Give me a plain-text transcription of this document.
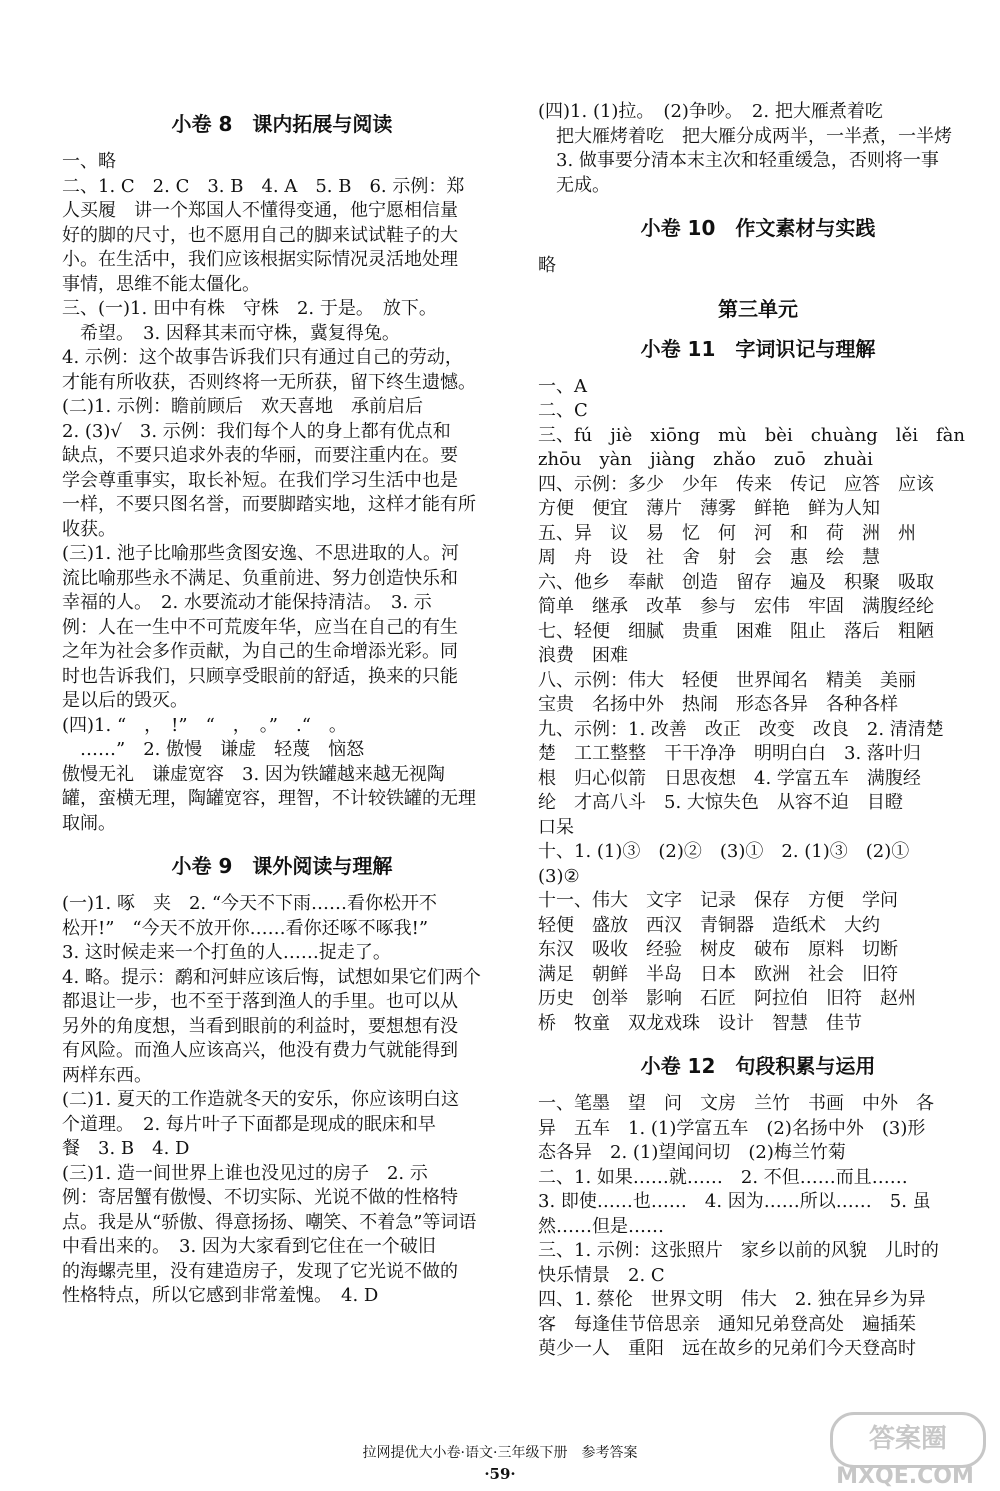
小卷 8　课内拓展与阅读
一、略
二、1. C　2. C　3. B　4. A　5. B　6. 示例：郑
人买履　讲一个郑国人不懂得变通，他宁愿相信量
好的脚的尺寸，也不愿用自己的脚来试试鞋子的大
小。在生活中，我们应该根据实际情况灵活地处理
事情，思维不能太僵化。
三、(一)1. 田中有株　守株　2. 于是。　放下。
　希望。　3. 因释其耒而守株，冀复得兔。
4. 示例：这个故事告诉我们只有通过自己的劳动，
才能有所收获，否则终将一无所获，留下终生遗憾。
(二)1. 示例：瞻前顾后　欢天喜地　承前启后
2. (3)√　3. 示例：我们每个人的身上都有优点和
缺点，不要只追求外表的华丽，而要注重内在。要
学会尊重事实，取长补短。在我们学习生活中也是
一样，不要只图名誉，而要脚踏实地，这样才能有所
收获。
(三)1. 池子比喻那些贪图安逸、不思进取的人。河
流比喻那些永不满足、负重前进、努力创造快乐和
幸福的人。　2. 水要流动才能保持清洁。　3. 示
例：人在一生中不可荒废年华，应当在自己的有生
之年为社会多作贡献，为自己的生命增添光彩。同
时也告诉我们，只顾享受眼前的舒适，换来的只能
是以后的毁灭。
(四)1. “　，　!”　“　，　。”　.“　。
　……”　2. 傲慢　谦虚　轻蔑　恼怒
傲慢无礼　谦虚宽容　3. 因为铁罐越来越无视陶
罐，蛮横无理，陶罐宽容，理智，不计较铁罐的无理
取闹。
小卷 9　课外阅读与理解
(一)1. 啄　夹　2. “今天不下雨……看你松开不
松开!”　“今天不放开你……看你还啄不啄我!”
3. 这时候走来一个打鱼的人……捉走了。
4. 略。提示：鹬和河蚌应该后悔，试想如果它们两个
都退让一步，也不至于落到渔人的手里。也可以从
另外的角度想，当看到眼前的利益时，要想想有没
有风险。而渔人应该高兴，他没有费力气就能得到
两样东西。
(二)1. 夏天的工作造就冬天的安乐，你应该明白这
个道理。　2. 每片叶子下面都是现成的眠床和早
餐　3. B　4. D
(三)1. 造一间世界上谁也没见过的房子　2. 示
例：寄居蟹有傲慢、不切实际、光说不做的性格特
点。我是从“骄傲、得意扬扬、嘲笑、不着急”等词语
中看出来的。　3. 因为大家看到它住在一个破旧
的海螺壳里，没有建造房子，发现了它光说不做的
性格特点，所以它感到非常羞愧。　4. D
(四)1. (1)拉。　(2)争吵。　2. 把大雁煮着吃
　把大雁烤着吃　把大雁分成两半，一半煮，一半烤
　3. 做事要分清本末主次和轻重缓急，否则将一事
　无成。
小卷 10　作文素材与实践
略
第三单元
小卷 11　字词识记与理解
一、A
二、C
三、fú　jiè　xiōng　mù　bèi　chuàng　lěi　fàn
zhōu　yàn　jiàng　zhǎo　zuō　zhuài
四、示例：多少　少年　传来　传记　应答　应该
方便　便宜　薄片　薄雾　鲜艳　鲜为人知
五、异　议　易　忆　何　河　和　荷　洲　州
周　舟　设　社　舍　射　会　惠　绘　慧
六、他乡　奉献　创造　留存　遍及　积聚　吸取
简单　继承　改革　参与　宏伟　牢固　满腹经纶
七、轻便　细腻　贵重　困难　阻止　落后　粗陋
浪费　困难
八、示例：伟大　轻便　世界闻名　精美　美丽
宝贵　名扬中外　热闹　形态各异　各种各样
九、示例：1. 改善　改正　改变　改良　2. 清清楚
楚　工工整整　干干净净　明明白白　3. 落叶归
根　归心似箭　日思夜想　4. 学富五车　满腹经
纶　才高八斗　5. 大惊失色　从容不迫　目瞪
口呆
十、1. (1)③　(2)②　(3)①　2. (1)③　(2)①
(3)②
十一、伟大　文字　记录　保存　方便　学问
轻便　盛放　西汉　青铜器　造纸术　大约
东汉　吸收　经验　树皮　破布　原料　切断
满足　朝鲜　半岛　日本　欧洲　社会　旧符
历史　创举　影响　石匠　阿拉伯　旧符　赵州
桥　牧童　双龙戏珠　设计　智慧　佳节
小卷 12　句段积累与运用
一、笔墨　望　问　文房　兰竹　书画　中外　各
异　五车　1. (1)学富五车　(2)名扬中外　(3)形
态各异　2. (1)望闻问切　(2)梅兰竹菊
二、1. 如果……就……　2. 不但……而且……
3. 即使……也……　4. 因为……所以……　5. 虽
然……但是……
三、1. 示例：这张照片　家乡以前的风貌　儿时的
快乐情景　2. C
四、1. 蔡伦　世界文明　伟大　2. 独在异乡为异
客　每逢佳节倍思亲　通知兄弟登高处　遍插茱
萸少一人　重阳　远在故乡的兄弟们今天登高时
拉网提优大小卷·语文·三年级下册　参考答案
·59·
答案圈
MXQE.COM
